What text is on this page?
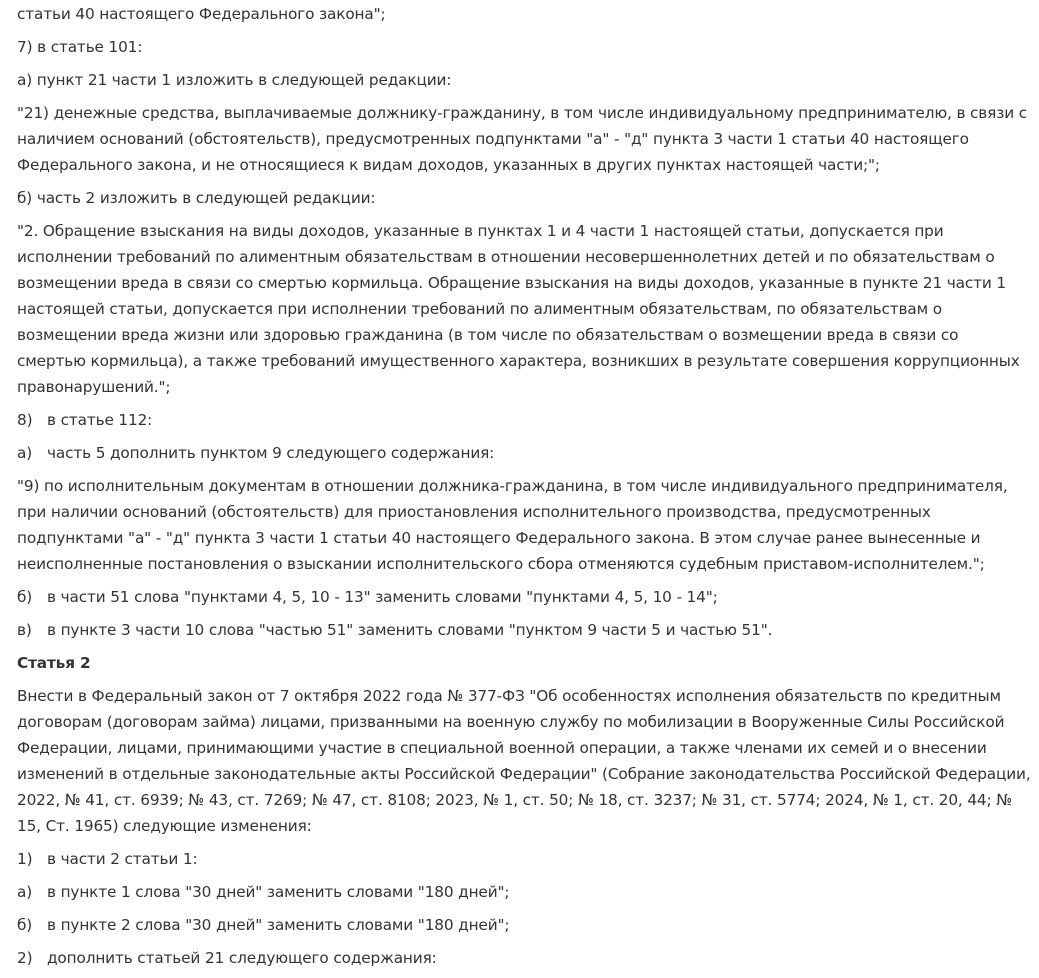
статьи 40 настоящего Федерального закона";

7) в статье 101:

а) пункт 21 части 1 изложить в следующей редакции:

"21) денежные средства, выплачиваемые должнику-гражданину, в том числе индивидуальному предпринимателю, в связи с наличием оснований (обстоятельств), предусмотренных подпунктами "а" - "д" пункта 3 части 1 статьи 40 настоящего Федерального закона, и не относящиеся к видам доходов, указанных в других пунктах настоящей части;";

б) часть 2 изложить в следующей редакции:

"2. Обращение взыскания на виды доходов, указанные в пунктах 1 и 4 части 1 настоящей статьи, допускается при исполнении требований по алиментным обязательствам в отношении несовершеннолетних детей и по обязательствам о возмещении вреда в связи со смертью кормильца. Обращение взыскания на виды доходов, указанные в пункте 21 части 1 настоящей статьи, допускается при исполнении требований по алиментным обязательствам, по обязательствам о возмещении вреда жизни или здоровью гражданина (в том числе по обязательствам о возмещении вреда в связи со смертью кормильца), а также требований имущественного характера, возникших в результате совершения коррупционных правонарушений.";

8) в статье 112:

а) часть 5 дополнить пунктом 9 следующего содержания:

"9) по исполнительным документам в отношении должника-гражданина, в том числе индивидуального предпринимателя, при наличии оснований (обстоятельств) для приостановления исполнительного производства, предусмотренных подпунктами "а" - "д" пункта 3 части 1 статьи 40 настоящего Федерального закона. В этом случае ранее вынесенные и неисполненные постановления о взыскании исполнительского сбора отменяются судебным приставом-исполнителем.";

б) в части 51 слова "пунктами 4, 5, 10 - 13" заменить словами "пунктами 4, 5, 10 - 14";

в) в пункте 3 части 10 слова "частью 51" заменить словами "пунктом 9 части 5 и частью 51".

Статья 2

Внести в Федеральный закон от 7 октября 2022 года № 377-ФЗ "Об особенностях исполнения обязательств по кредитным договорам (договорам займа) лицами, призванными на военную службу по мобилизации в Вооруженные Силы Российской Федерации, лицами, принимающими участие в специальной военной операции, а также членами их семей и о внесении изменений в отдельные законодательные акты Российской Федерации" (Собрание законодательства Российской Федерации, 2022, № 41, ст. 6939; № 43, ст. 7269; № 47, ст. 8108; 2023, № 1, ст. 50; № 18, ст. 3237; № 31, ст. 5774; 2024, № 1, ст. 20, 44; № 15, Ст. 1965) следующие изменения:

1) в части 2 статьи 1:

а) в пункте 1 слова "30 дней" заменить словами "180 дней";

б) в пункте 2 слова "30 дней" заменить словами "180 дней";

2) дополнить статьей 21 следующего содержания:
